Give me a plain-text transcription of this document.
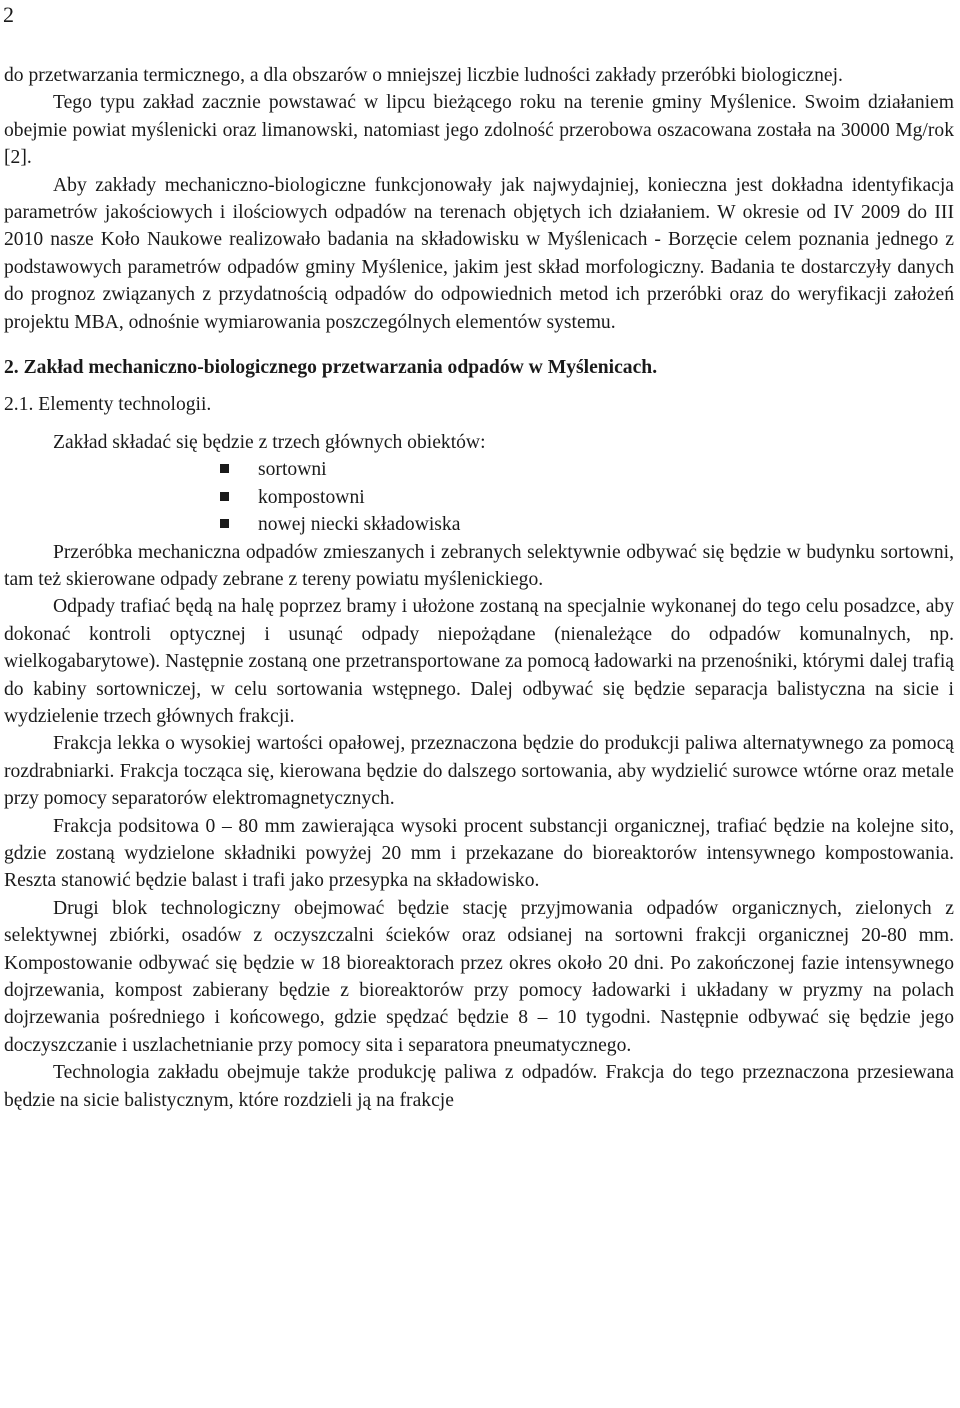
2

do przetwarzania termicznego, a dla obszarów o mniejszej liczbie ludności zakłady przeróbki biologicznej.

Tego typu zakład zacznie powstawać w lipcu bieżącego roku na terenie gminy Myślenice. Swoim działaniem obejmie powiat myślenicki oraz limanowski, natomiast jego zdolność przerobowa oszacowana została na 30000 Mg/rok [2].

Aby zakłady mechaniczno-biologiczne funkcjonowały jak najwydajniej, konieczna jest dokładna identyfikacja parametrów jakościowych i ilościowych odpadów na terenach objętych ich działaniem. W okresie od IV 2009 do III 2010 nasze Koło Naukowe realizowało badania na składowisku w Myślenicach - Borzęcie celem poznania jednego z podstawowych parametrów odpadów gminy Myślenice, jakim jest skład morfologiczny. Badania te dostarczyły danych do prognoz związanych z przydatnością odpadów do odpowiednich metod ich przeróbki oraz do weryfikacji założeń projektu MBA, odnośnie wymiarowania poszczególnych elementów systemu.

2. Zakład mechaniczno-biologicznego przetwarzania odpadów w Myślenicach.

2.1. Elementy technologii.

Zakład składać się będzie z trzech głównych obiektów:

sortowni
kompostowni
nowej niecki składowiska

Przeróbka mechaniczna odpadów zmieszanych i zebranych selektywnie odbywać się będzie w budynku sortowni, tam też skierowane odpady zebrane z tereny powiatu myślenickiego.

Odpady trafiać będą na halę poprzez bramy i ułożone zostaną na specjalnie wykonanej do tego celu posadzce, aby dokonać kontroli optycznej i usunąć odpady niepożądane (nienależące do odpadów komunalnych, np. wielkogabarytowe). Następnie zostaną one przetransportowane za pomocą ładowarki na przenośniki, którymi dalej trafią do kabiny sortowniczej, w celu sortowania wstępnego. Dalej odbywać się będzie separacja balistyczna na sicie i wydzielenie trzech głównych frakcji.

Frakcja lekka o wysokiej wartości opałowej, przeznaczona będzie do produkcji paliwa alternatywnego za pomocą rozdrabniarki. Frakcja tocząca się, kierowana będzie do dalszego sortowania, aby wydzielić surowce wtórne oraz metale przy pomocy separatorów elektromagnetycznych.

Frakcja podsitowa 0 – 80 mm zawierająca wysoki procent substancji organicznej, trafiać będzie na kolejne sito, gdzie zostaną wydzielone składniki powyżej 20 mm i przekazane do bioreaktorów intensywnego kompostowania. Reszta stanowić będzie balast i trafi jako przesypka na składowisko.

Drugi blok technologiczny obejmować będzie stację przyjmowania odpadów organicznych, zielonych z selektywnej zbiórki, osadów z oczyszczalni ścieków oraz odsianej na sortowni frakcji organicznej 20-80 mm. Kompostowanie odbywać się będzie w 18 bioreaktorach przez okres około 20 dni. Po zakończonej fazie intensywnego dojrzewania, kompost zabierany będzie z bioreaktorów przy pomocy ładowarki i układany w pryzmy na polach dojrzewania pośredniego i końcowego, gdzie spędzać będzie 8 – 10 tygodni. Następnie odbywać się będzie jego doczyszczanie i uszlachetnianie przy pomocy sita i separatora pneumatycznego.

Technologia zakładu obejmuje także produkcję paliwa z odpadów. Frakcja do tego przeznaczona przesiewana będzie na sicie balistycznym, które rozdzieli ją na frakcje
